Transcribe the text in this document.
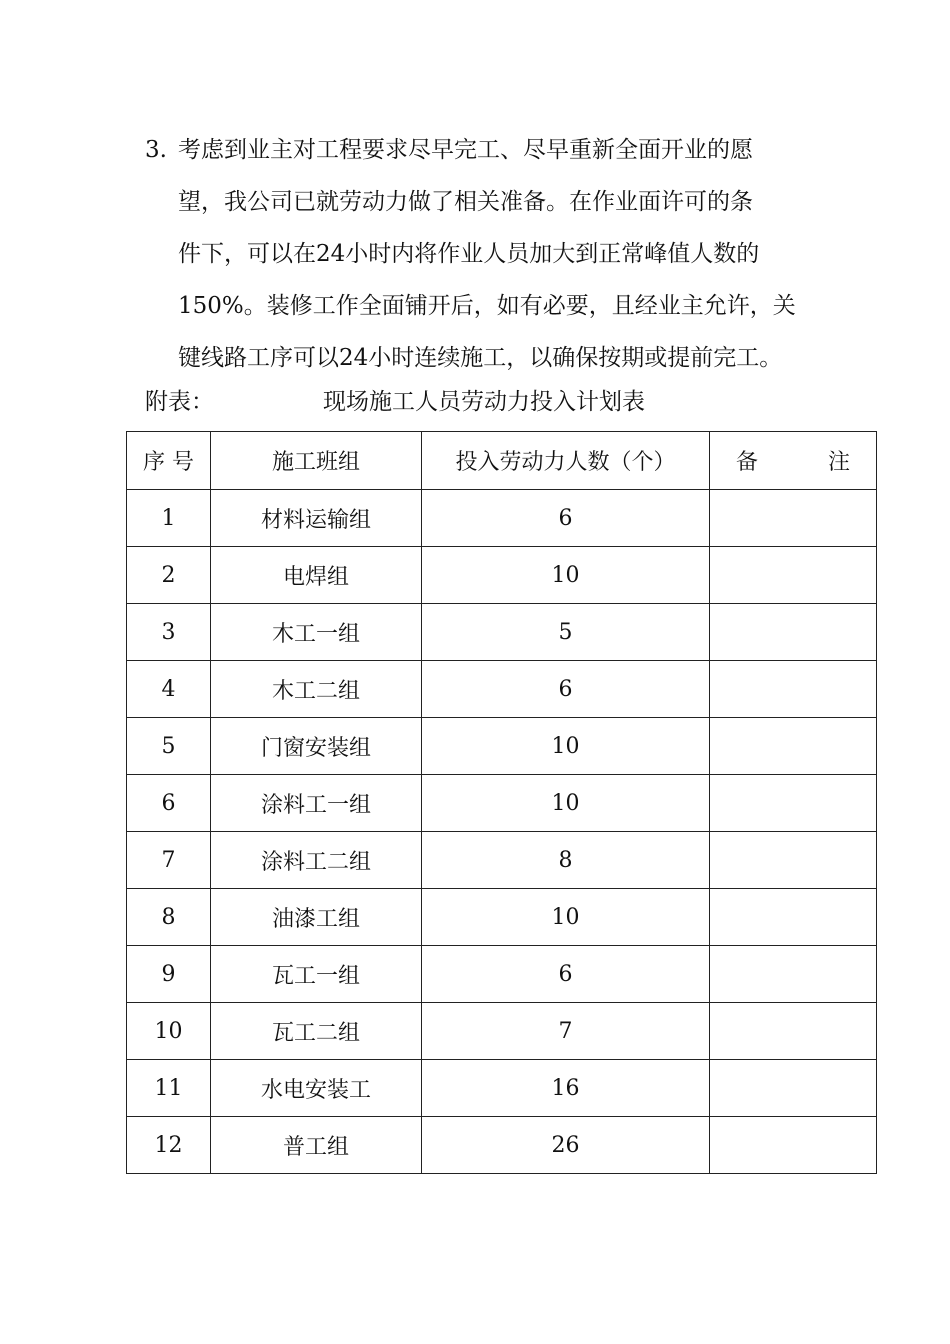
3. 考虑到业主对工程要求尽早完工、尽早重新全面开业的愿
望，我公司已就劳动力做了相关准备。在作业面许可的条
件下，可以在24小时内将作业人员加大到正常峰值人数的
150%。装修工作全面铺开后，如有必要，且经业主允许，关
键线路工序可以24小时连续施工，以确保按期或提前完工。
附表：	现场施工人员劳动力投入计划表
序 号	施工班组	投入劳动力人数（个）	备 注

1	材料运输组	6	
2	电焊组	10	
3	木工一组	5	
4	木工二组	6	
5	门窗安装组	10	
6	涂料工一组	10	
7	涂料工二组	8	
8	油漆工组	10	
9	瓦工一组	6	
10	瓦工二组	7	
11	水电安装工	16	
12	普工组	26	
